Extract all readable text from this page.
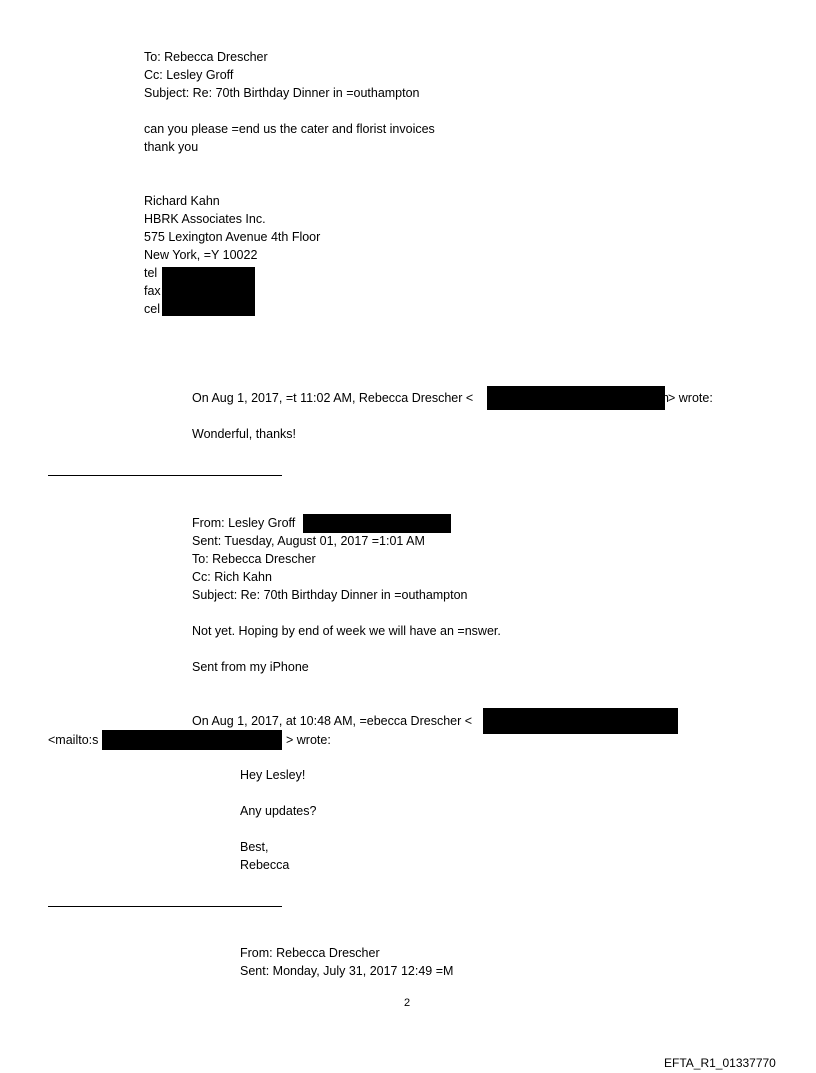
To: Rebecca Drescher
Cc: Lesley Groff
Subject: Re: 70th Birthday Dinner in =outhampton
can you please =end us the cater and florist invoices
thank you
Richard Kahn
HBRK Associates Inc.
575 Lexington Avenue 4th Floor
New York, =Y 10022
tel
fax
cel
On Aug 1, 2017, =t 11:02 AM, Rebecca Drescher <	n > wrote:
Wonderful, thanks!
From: Lesley Groff
Sent: Tuesday, August 01, 2017 =1:01 AM
To: Rebecca Drescher
Cc: Rich Kahn
Subject: Re: 70th Birthday Dinner in =outhampton
Not yet. Hoping by end of week we will have an =nswer.
Sent from my iPhone
On Aug 1, 2017, at 10:48 AM, =ebecca Drescher <
<mailto:s	> wrote:
Hey Lesley!
Any updates?
Best,
Rebecca
From: Rebecca Drescher
Sent: Monday, July 31, 2017 12:49 =M
2
EFTA_R1_01337770
